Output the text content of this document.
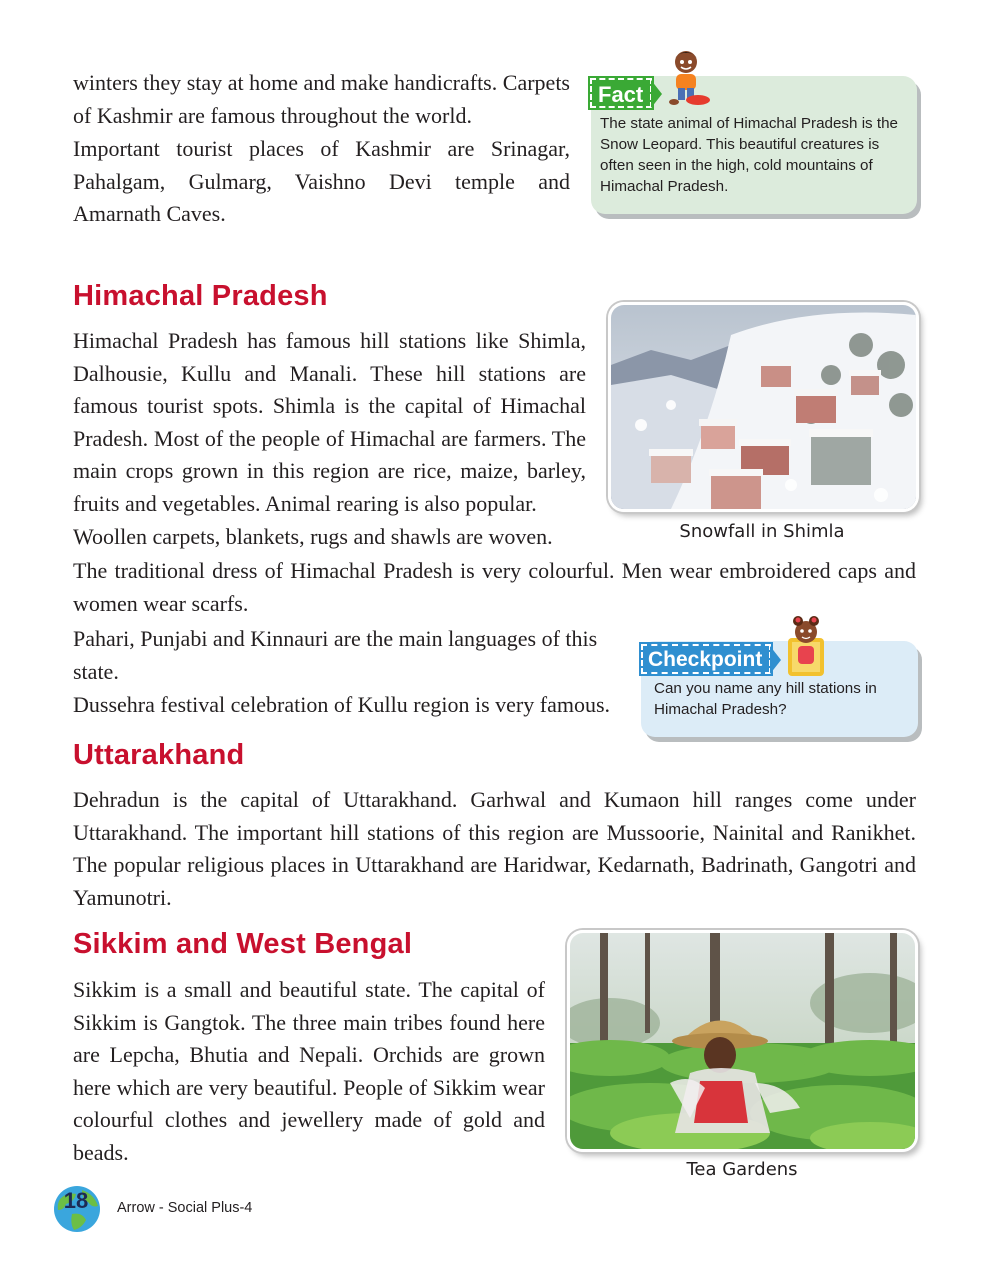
winters they stay at home and make handicrafts. Carpets of Kashmir are famous throughout the world.

Important tourist places of Kashmir are Srinagar, Pahalgam, Gulmarg, Vaishno Devi temple and Amarnath Caves.

Fact
The state animal of Himachal Pradesh is the Snow Leopard. This beautiful creatures is often seen in the high, cold mountains of Himachal Pradesh.
Himachal Pradesh

Himachal Pradesh has famous hill stations like Shimla, Dalhousie, Kullu and Manali. These hill stations are famous tourist spots. Shimla is the capital of Himachal Pradesh. Most of the people of Himachal are farmers. The main crops grown in this region are rice, maize, barley, fruits and vegetables. Animal rearing is also popular.

Woollen carpets, blankets, rugs and shawls are woven.	Snowfall in Shimla

The traditional dress of Himachal Pradesh is very colourful. Men wear embroidered caps and women wear scarfs.

Pahari, Punjabi and Kinnauri are the main languages of this state.

Dussehra festival celebration of Kullu region is very famous.

Checkpoint
Can you name any hill stations in Himachal Pradesh?
Uttarakhand

Dehradun is the capital of Uttarakhand. Garhwal and Kumaon hill ranges come under Uttarakhand. The important hill stations of this region are Mussoorie, Nainital and Ranikhet. The popular religious places in Uttarakhand are Haridwar, Kedarnath, Badrinath, Gangotri and Yamunotri.

Sikkim and West Bengal

Sikkim is a small and beautiful state. The capital of Sikkim is Gangtok. The three main tribes found here are Lepcha, Bhutia and Nepali. Orchids are grown here which are very beautiful. People of Sikkim wear colourful clothes and jewellery made of gold and beads.

Tea Gardens
18	Arrow - Social Plus-4
